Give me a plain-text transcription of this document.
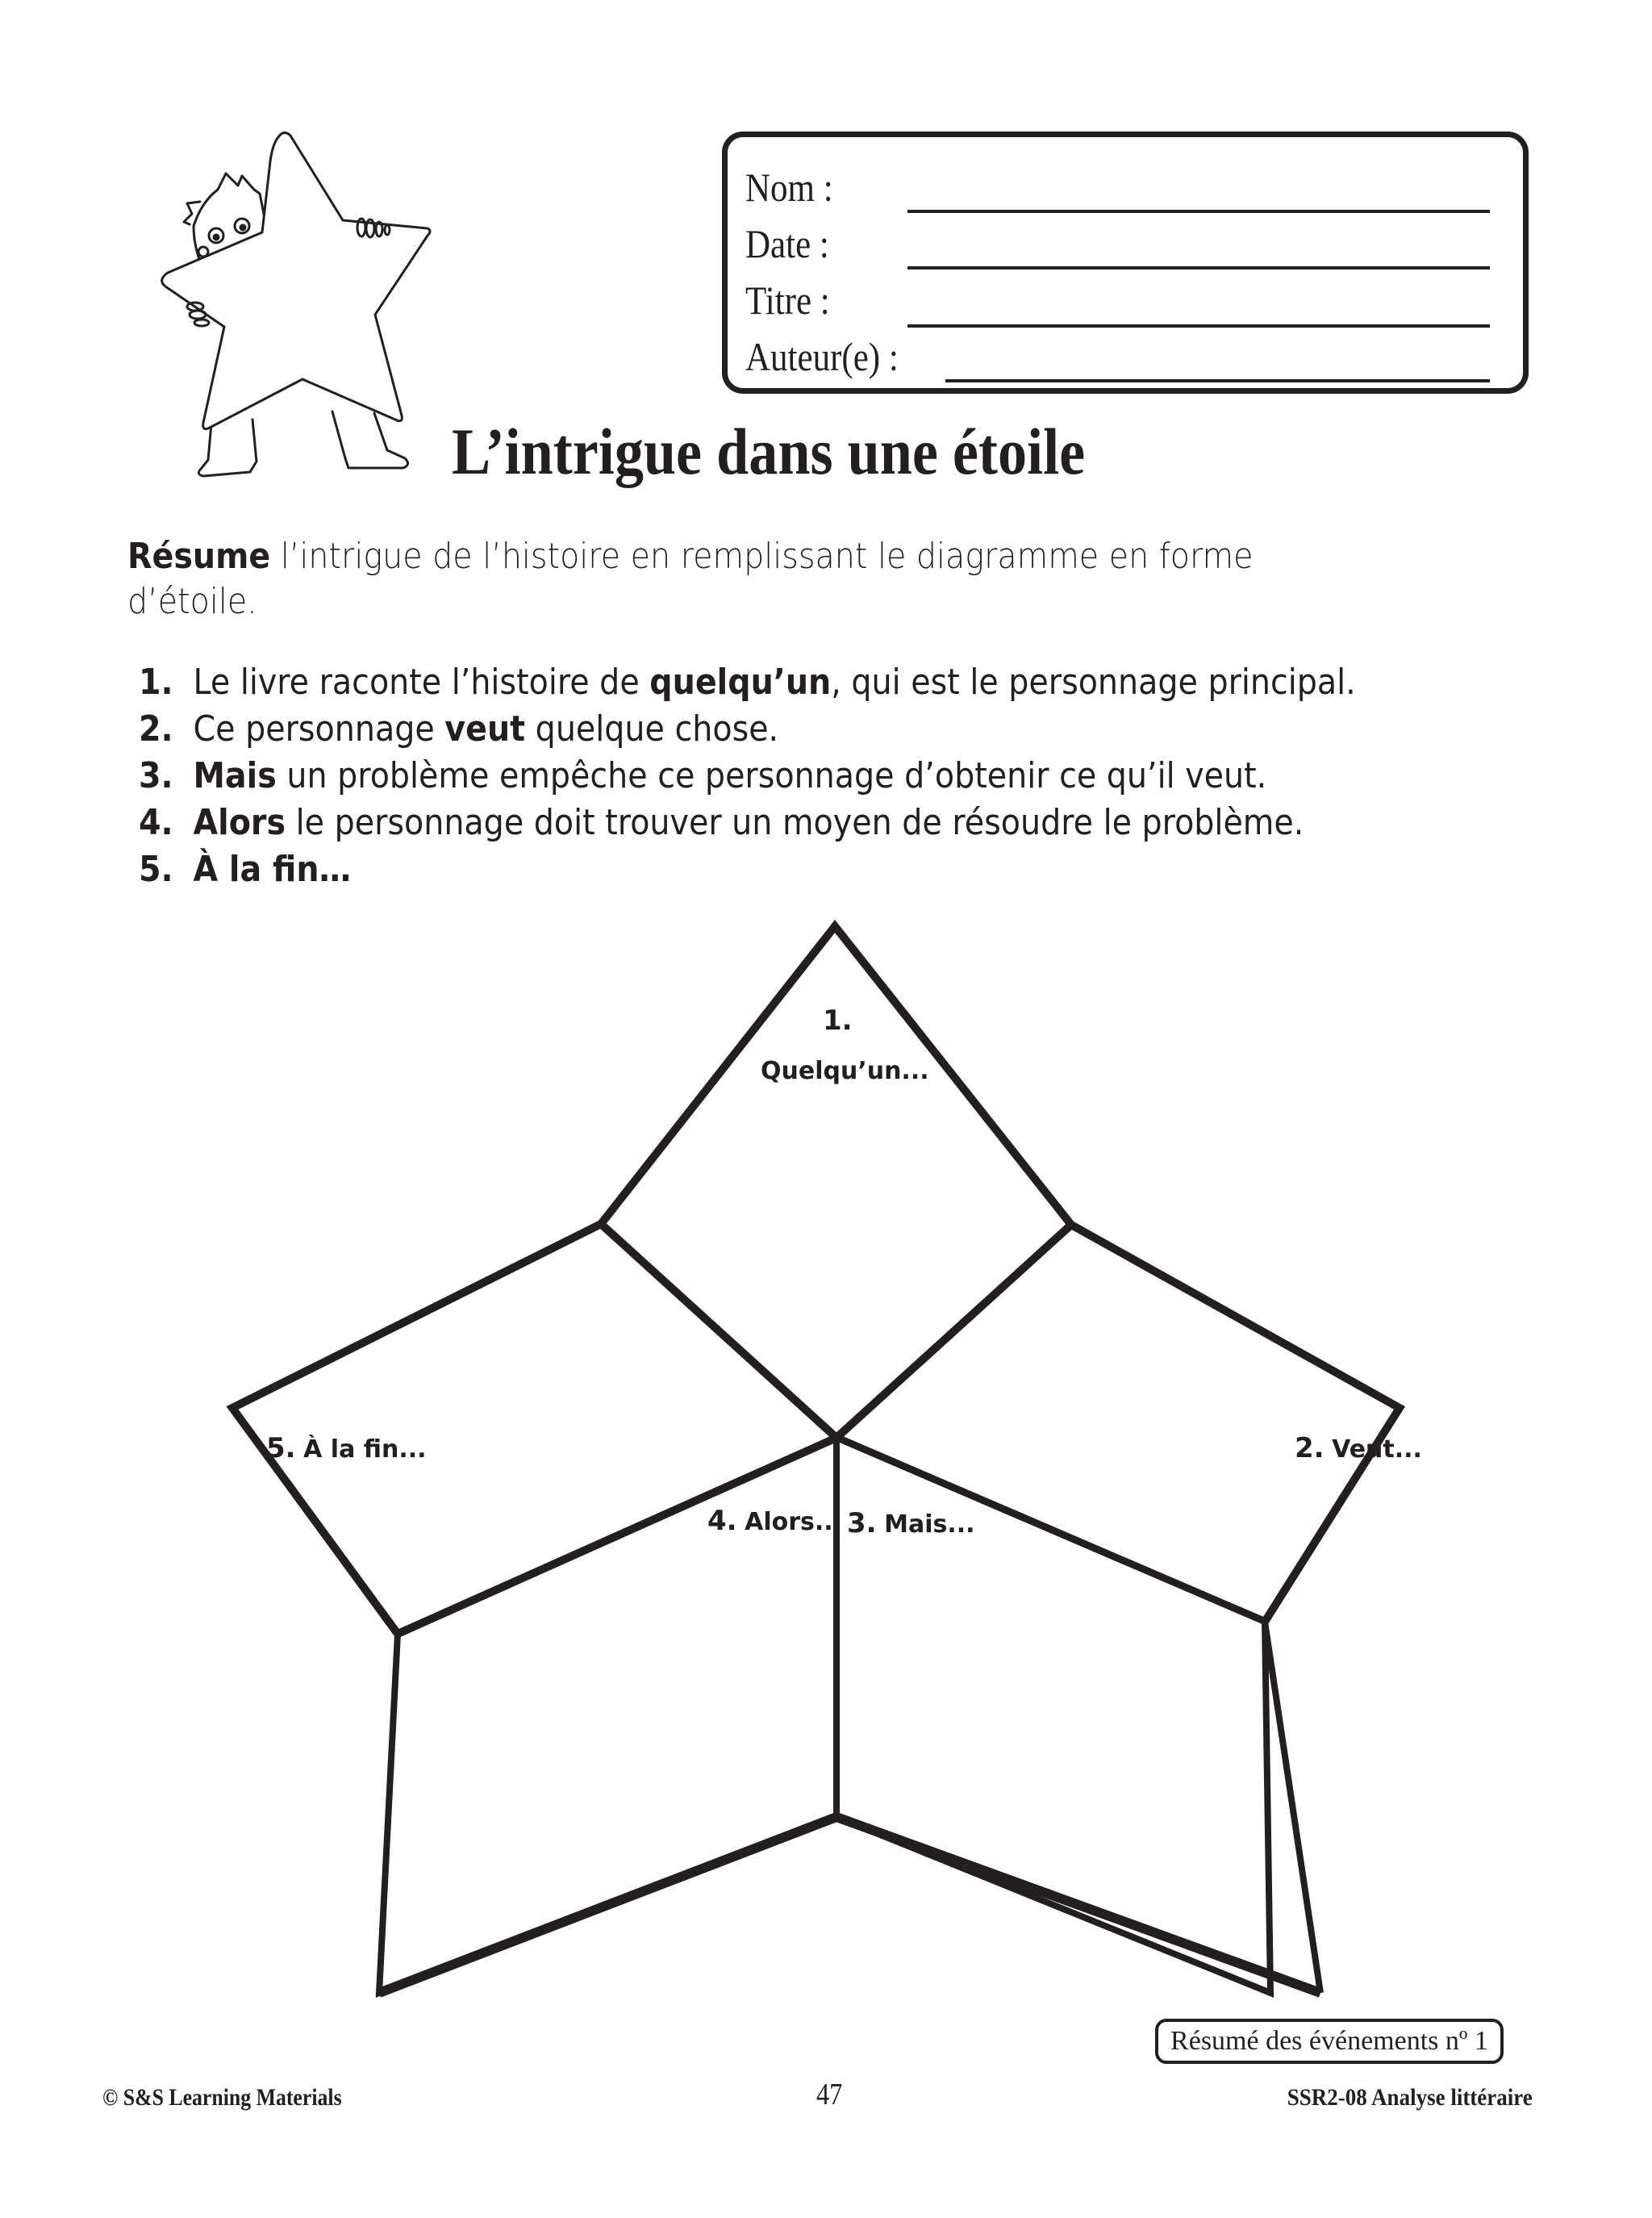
Nom :
Date :
Titre :
Auteur(e) :
L’intrigue dans une étoile
Résume l’intrigue de l’histoire en remplissant le diagramme en forme d’étoile.
1. Le livre raconte l’histoire de quelqu’un, qui est le personnage principal.
2. Ce personnage veut quelque chose.
3. Mais un problème empêche ce personnage d’obtenir ce qu’il veut.
4. Alors le personnage doit trouver un moyen de résoudre le problème.
5. À la fin…
1.
Quelqu’un...
2. Veut...
3. Mais...
4. Alors...
5. À la fin...
Résumé des événements nº 1
© S&S Learning Materials	47	SSR2-08 Analyse littéraire
